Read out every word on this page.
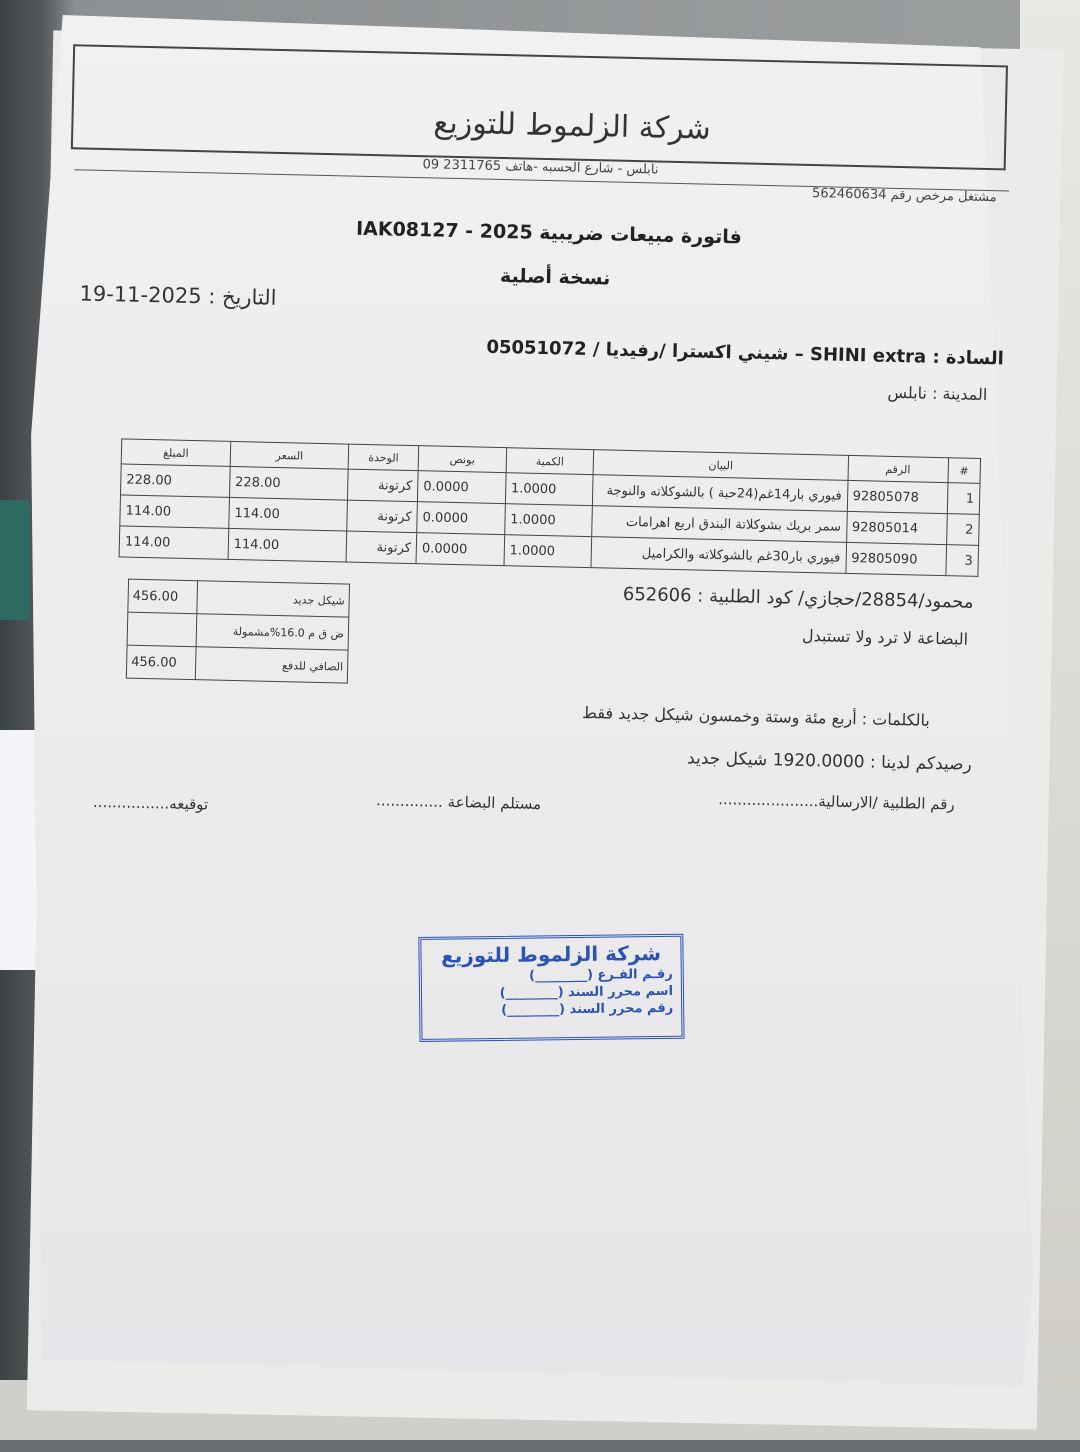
شركة الزلموط للتوزيع
نابلس - شارع الحسبه -هاتف 2311765 09
مشتغل مرخص رقم 562460634
فاتورة مبيعات ضريبية 2025 - IAK08127
نسخة أصلية
التاريخ : 2025-11-19
السادة : SHINI extra – شيني اكسترا /رفيديا / 05051072
المدينة : نابلس
#	الرقم	البيان	الكمية	بونص	الوحدة	السعر	المبلغ
1	92805078	فيوري بار14غم(24حبة ) بالشوكلاته والنوجة	1.0000	0.0000	كرتونة	228.00	228.00
2	92805014	سمر بريك بشوكلاتة البندق اربع اهرامات	1.0000	0.0000	كرتونة	114.00	114.00
3	92805090	فيوري بار30غم بالشوكلاته والكراميل	1.0000	0.0000	كرتونة	114.00	114.00
456.00	شيكل جديد
	ض ق م 16.0%مشمولة
456.00	الصافي للدفع
محمود/28854/حجازي/ كود الطلبية : 652606
البضاعة لا ترد ولا تستبدل
بالكلمات : أربع مئة وستة وخمسون شيكل جديد فقط
رصيدكم لدينا : 1920.0000 شيكل جديد
رقم الطلبية /الارسالية.....................
مستلم البضاعة ..............
توقيعه................
شركة الزلموط للتوزيع
رقـم الفـرع (________)
اسم محرر السند (________)
رقم محرر السند (________)
